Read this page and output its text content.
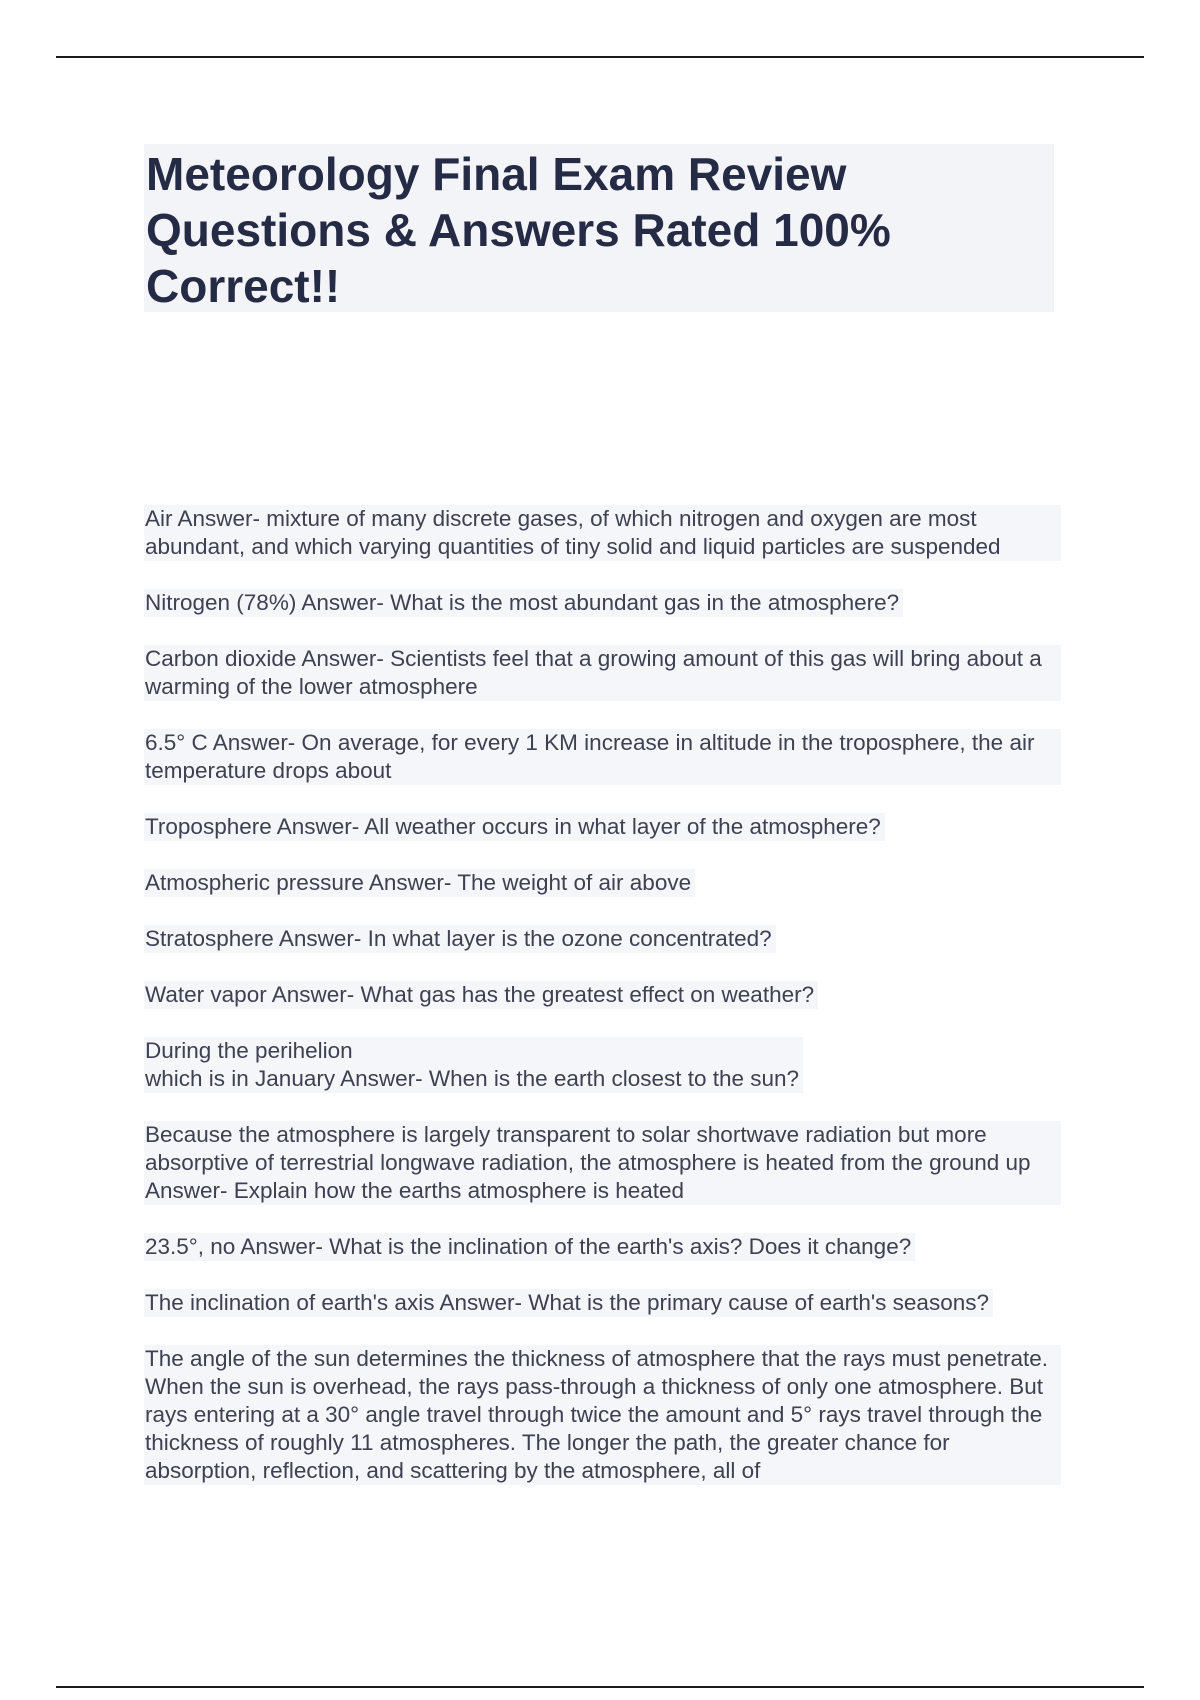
Meteorology Final Exam Review Questions & Answers Rated 100% Correct!!

Air Answer- mixture of many discrete gases, of which nitrogen and oxygen are most abundant, and which varying quantities of tiny solid and liquid particles are suspended

Nitrogen (78%) Answer- What is the most abundant gas in the atmosphere?

Carbon dioxide Answer- Scientists feel that a growing amount of this gas will bring about a warming of the lower atmosphere

6.5° C Answer- On average, for every 1 KM increase in altitude in the troposphere, the air temperature drops about

Troposphere Answer- All weather occurs in what layer of the atmosphere?

Atmospheric pressure Answer- The weight of air above

Stratosphere Answer- In what layer is the ozone concentrated?

Water vapor Answer- What gas has the greatest effect on weather?

During the perihelion
which is in January Answer- When is the earth closest to the sun?

Because the atmosphere is largely transparent to solar shortwave radiation but more absorptive of terrestrial longwave radiation, the atmosphere is heated from the ground up Answer- Explain how the earths atmosphere is heated

23.5°, no Answer- What is the inclination of the earth's axis? Does it change?

The inclination of earth's axis Answer- What is the primary cause of earth's seasons?

The angle of the sun determines the thickness of atmosphere that the rays must penetrate. When the sun is overhead, the rays pass-through a thickness of only one atmosphere. But rays entering at a 30° angle travel through twice the amount and 5° rays travel through the thickness of roughly 11 atmospheres. The longer the path, the greater chance for absorption, reflection, and scattering by the atmosphere, all of
